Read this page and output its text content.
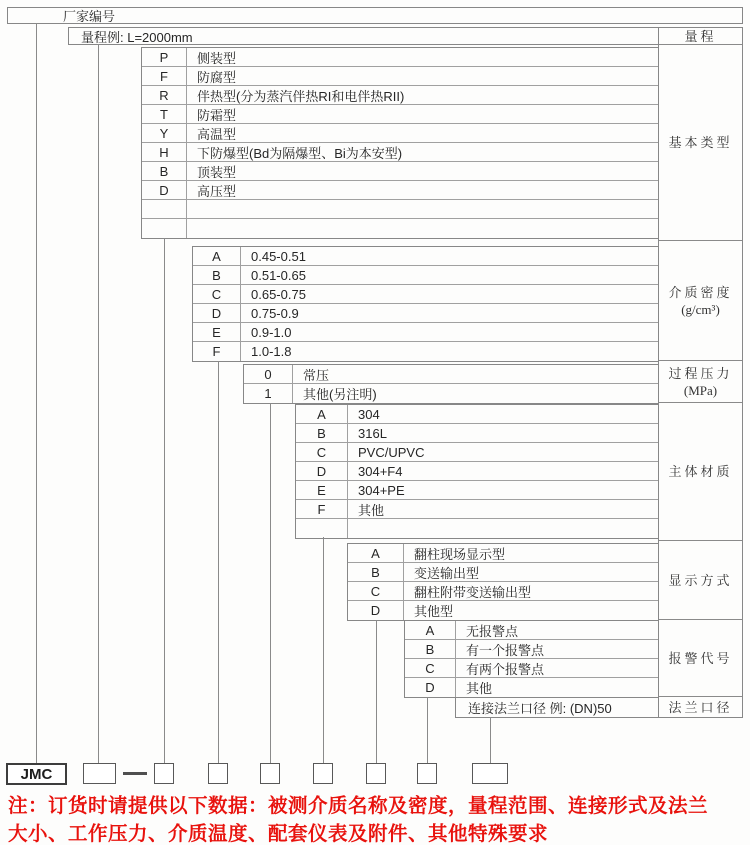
厂家编号
量程例: L=2000mm
连接法兰口径 例: (DN)50
JMC
注：订货时请提供以下数据：被测介质名称及密度，量程范围、连接形式及法兰
大小、工作压力、介质温度、配套仪表及附件、其他特殊要求
P	侧装型
F	防腐型
R	伴热型(分为蒸汽伴热RI和电伴热RII)
T	防霜型
Y	高温型
H	下防爆型(Bd为隔爆型、Bi为本安型)
B	顶装型
D	高压型
A	0.45-0.51
B	0.51-0.65
C	0.65-0.75
D	0.75-0.9
E	0.9-1.0
F	1.0-1.8
0	常压
1	其他(另注明)
A	304
B	316L
C	PVC/UPVC
D	304+F4
E	304+PE
F	其他
A	翻柱现场显示型
B	变送输出型
C	翻柱附带变送输出型
D	其他型
A	无报警点
B	有一个报警点
C	有两个报警点
D	其他
量程
基本类型
介质密度
(g/cm³)
过程压力
(MPa)
主体材质
显示方式
报警代号
法兰口径
